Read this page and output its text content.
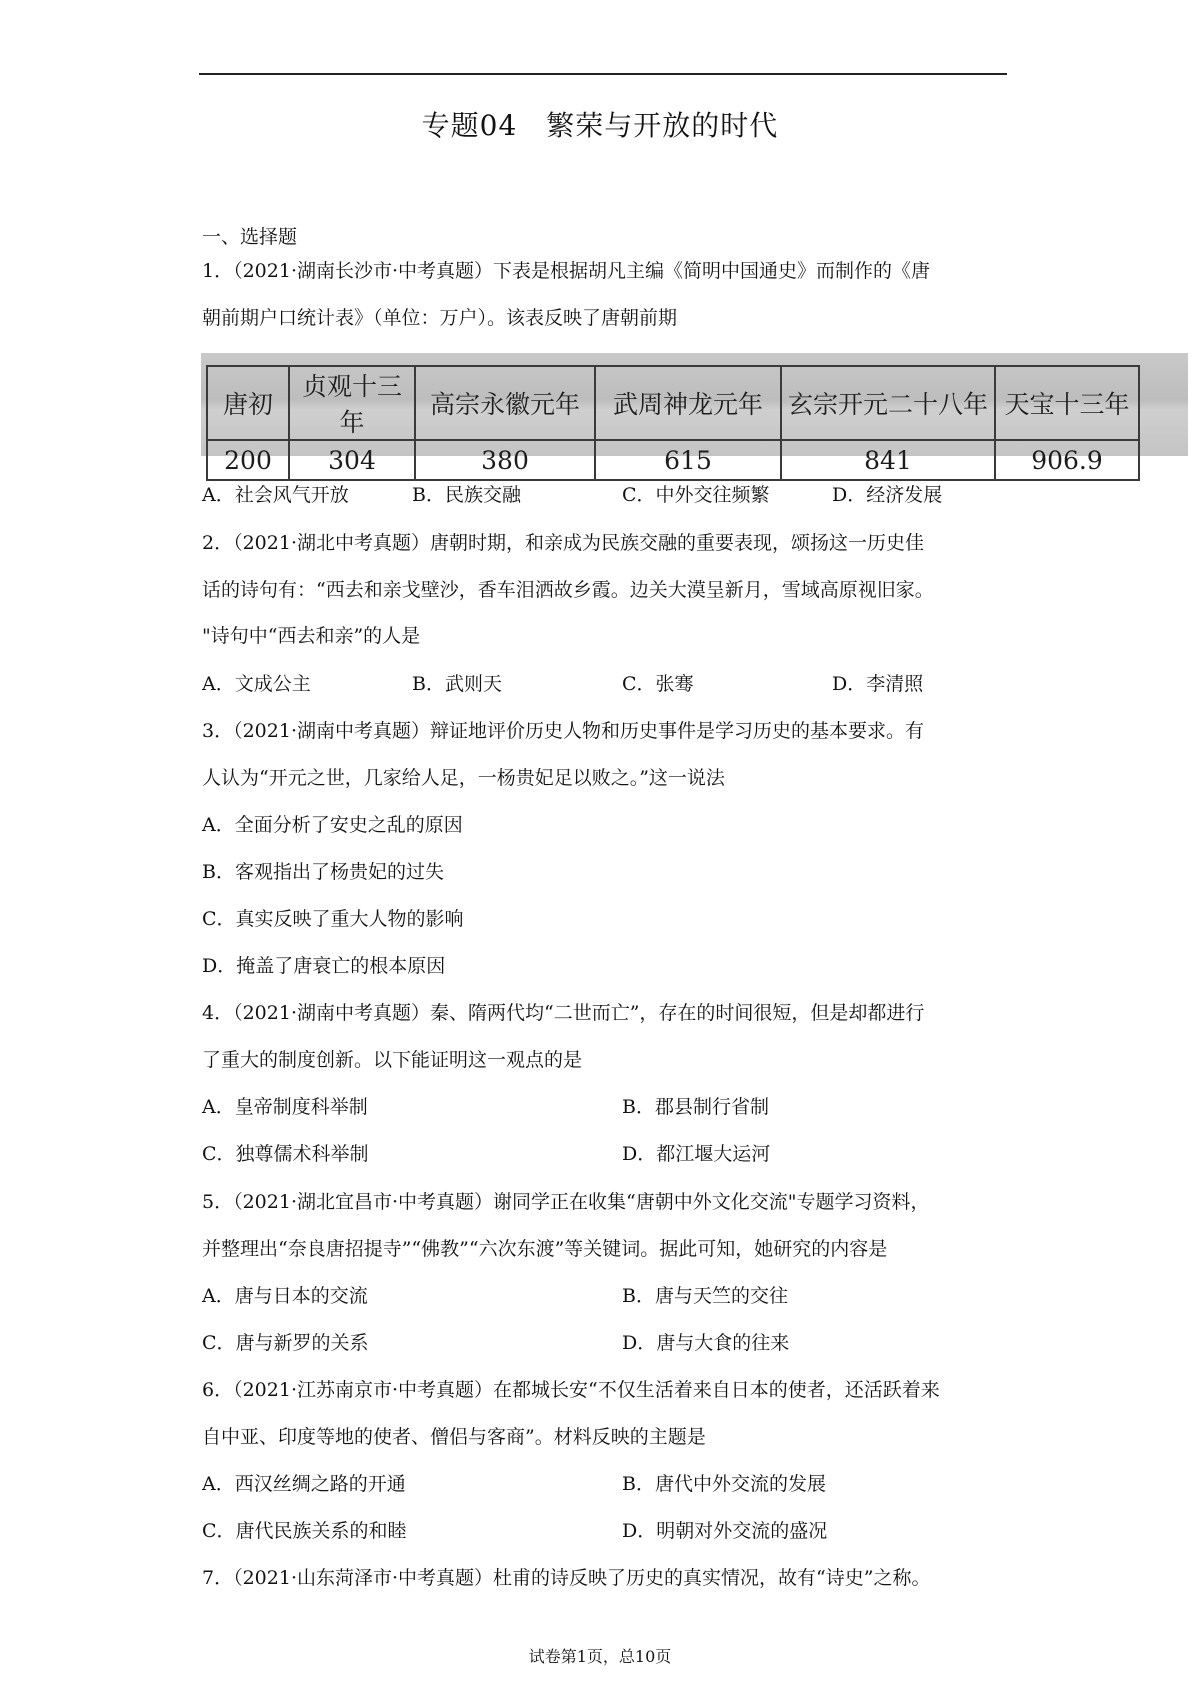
专题04　繁荣与开放的时代
一、选择题
1．（2021·湖南长沙市·中考真题）下表是根据胡凡主编《简明中国通史》而制作的《唐
朝前期户口统计表》（单位：万户）。该表反映了唐朝前期
唐初	贞观十三年	高宗永徽元年	武周神龙元年	玄宗开元二十八年	天宝十三年
200	304	380	615	841	906.9
A．社会风气开放	B．民族交融	C．中外交往频繁	D．经济发展
2．（2021·湖北中考真题）唐朝时期，和亲成为民族交融的重要表现，颂扬这一历史佳
话的诗句有：“西去和亲戈壁沙，香车泪洒故乡霞。边关大漠呈新月，雪域高原视旧家。
"诗句中“西去和亲”的人是
A．文成公主	B．武则天	C．张骞	D．李清照
3．（2021·湖南中考真题）辩证地评价历史人物和历史事件是学习历史的基本要求。有
人认为“开元之世，几家给人足，一杨贵妃足以败之。”这一说法
A．全面分析了安史之乱的原因
B．客观指出了杨贵妃的过失
C．真实反映了重大人物的影响
D．掩盖了唐衰亡的根本原因
4．（2021·湖南中考真题）秦、隋两代均“二世而亡”，存在的时间很短，但是却都进行
了重大的制度创新。以下能证明这一观点的是
A．皇帝制度科举制	B．郡县制行省制
C．独尊儒术科举制	D．都江堰大运河
5．（2021·湖北宜昌市·中考真题）谢同学正在收集“唐朝中外文化交流"专题学习资料，
并整理出“奈良唐招提寺”“佛教”“六次东渡”等关键词。据此可知，她研究的内容是
A．唐与日本的交流	B．唐与天竺的交往
C．唐与新罗的关系	D．唐与大食的往来
6．（2021·江苏南京市·中考真题）在都城长安“不仅生活着来自日本的使者，还活跃着来
自中亚、印度等地的使者、僧侣与客商”。材料反映的主题是
A．西汉丝绸之路的开通	B．唐代中外交流的发展
C．唐代民族关系的和睦	D．明朝对外交流的盛况
7．（2021·山东菏泽市·中考真题）杜甫的诗反映了历史的真实情况，故有“诗史”之称。
试卷第1页，总10页
